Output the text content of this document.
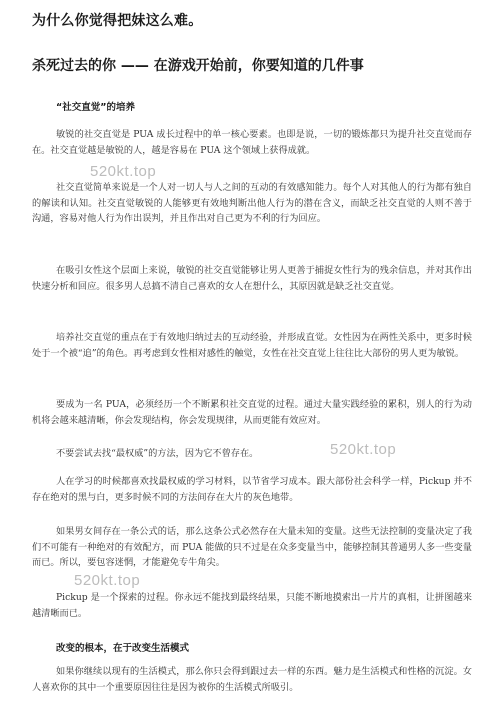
为什么你觉得把妹这么难。
杀死过去的你 —— 在游戏开始前，你要知道的几件事
“社交直觉”的培养
敏锐的社交直觉是 PUA 成长过程中的单一核心要素。也即是说，一切的锻炼都只为提升社交直觉而存在。社交直觉越是敏锐的人，越是容易在 PUA 这个领域上获得成就。
社交直觉简单来说是一个人对一切人与人之间的互动的有效感知能力。每个人对其他人的行为都有独自的解读和认知。社交直觉敏锐的人能够更有效地判断出他人行为的潜在含义，而缺乏社交直觉的人则不善于沟通，容易对他人行为作出误判，并且作出对自己更为不利的行为回应。
在吸引女性这个层面上来说，敏锐的社交直觉能够让男人更善于捕捉女性行为的残余信息，并对其作出快速分析和回应。很多男人总搞不清自己喜欢的女人在想什么，其原因就是缺乏社交直觉。
培养社交直觉的重点在于有效地归纳过去的互动经验，并形成直觉。女性因为在两性关系中，更多时候处于一个被“追”的角色。再考虑到女性相对感性的触觉，女性在社交直觉上往往比大部份的男人更为敏锐。
要成为一名 PUA，必须经历一个不断累积社交直觉的过程。通过大量实践经验的累积，别人的行为动机将会越来越清晰，你会发现结构，你会发现规律，从而更能有效应对。
不要尝试去找“最权威”的方法，因为它不曾存在。
人在学习的时候都喜欢找最权威的学习材料，以节省学习成本。跟大部份社会科学一样，Pickup 并不存在绝对的黑与白，更多时候不同的方法间存在大片的灰色地带。
如果男女间存在一条公式的话，那么这条公式必然存在大量未知的变量。这些无法控制的变量决定了我们不可能有一种绝对的有效配方，而 PUA 能做的只不过是在众多变量当中，能够控制其普通男人多一些变量而已。所以，要包容迷惘，才能避免专牛角尖。
Pickup 是一个探索的过程。你永远不能找到最终结果，只能不断地摸索出一片片的真相，让拼图越来越清晰而已。
改变的根本，在于改变生活模式
如果你继续以现有的生活模式，那么你只会得到跟过去一样的东西。魅力是生活模式和性格的沉淀。女人喜欢你的其中一个重要原因往往是因为被你的生活模式所吸引。
520kt.top
520kt.top
520kt.top
